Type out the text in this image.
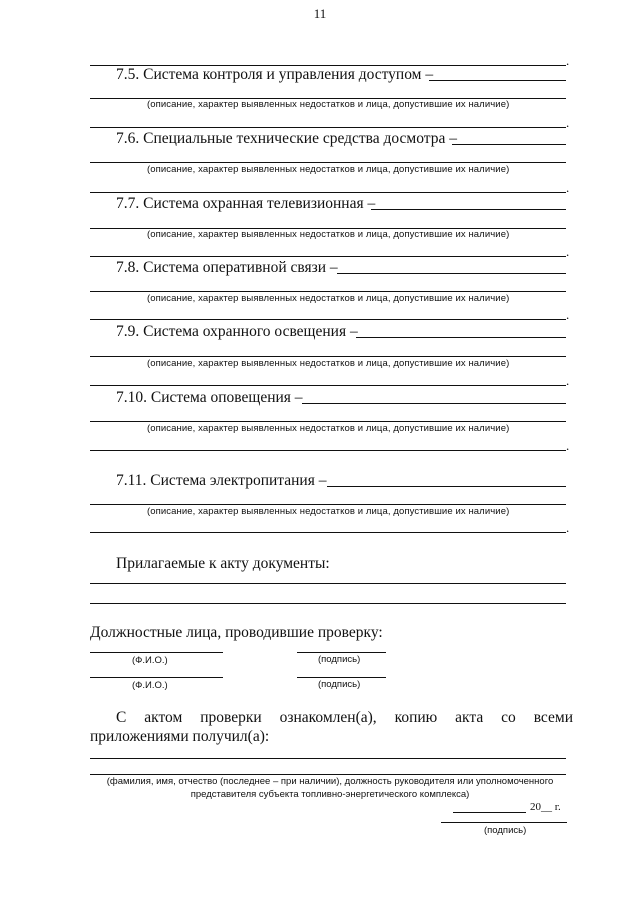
11
.
7.5. Система контроля и управления доступом –
(описание, характер выявленных недостатков и лица, допустившие их наличие)
.
7.6. Специальные технические средства досмотра –
(описание, характер выявленных недостатков и лица, допустившие их наличие)
.
7.7. Система охранная телевизионная –
(описание, характер выявленных недостатков и лица, допустившие их наличие)
.
7.8. Система оперативной связи –
(описание, характер выявленных недостатков и лица, допустившие их наличие)
.
7.9. Система охранного освещения –
(описание, характер выявленных недостатков и лица, допустившие их наличие)
.
7.10. Система оповещения –
(описание, характер выявленных недостатков и лица, допустившие их наличие)
.
7.11. Система электропитания –
(описание, характер выявленных недостатков и лица, допустившие их наличие)
.
Прилагаемые к акту документы:
Должностные лица, проводившие проверку:
(Ф.И.О.)	(подпись)
(Ф.И.О.)	(подпись)
С актом проверки ознакомлен(а), копию акта со всеми приложениями получил(а):
(фамилия, имя, отчество (последнее – при наличии), должность руководителя или уполномоченного представителя субъекта топливно-энергетического комплекса)
20__ г.
(подпись)
